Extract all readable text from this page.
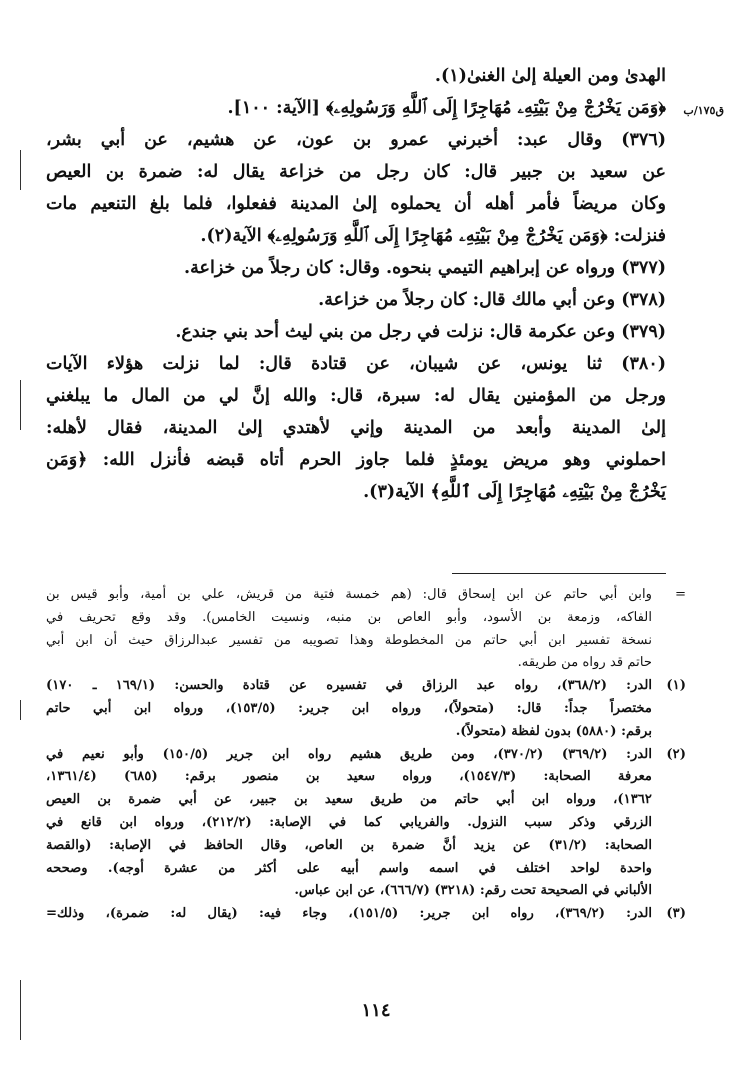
ق١٧٥/ب
الهدىٰ ومن العيلة إلىٰ الغنىٰ(١).
﴿وَمَن يَخْرُجْ مِنْ بَيْتِهِۦ مُهَاجِرًا إِلَى ٱللَّهِ وَرَسُولِهِۦ﴾ [الآية: ١٠٠].
(٣٧٦) وقال عبد: أخبرني عمرو بن عون، عن هشيم، عن أبي بشر،
عن سعيد بن جبير قال: كان رجل من خزاعة يقال له: ضمرة بن العيص
وكان مريضاً فأمر أهله أن يحملوه إلىٰ المدينة ففعلوا، فلما بلغ التنعيم مات
فنزلت: ﴿وَمَن يَخْرُجْ مِنْ بَيْتِهِۦ مُهَاجِرًا إِلَى ٱللَّهِ وَرَسُولِهِۦ﴾ الآية(٢).
(٣٧٧) ورواه عن إبراهيم التيمي بنحوه. وقال: كان رجلاً من خزاعة.
(٣٧٨) وعن أبي مالك قال: كان رجلاً من خزاعة.
(٣٧٩) وعن عكرمة قال: نزلت في رجل من بني ليث أحد بني جندع.
(٣٨٠) ثنا يونس، عن شيبان، عن قتادة قال: لما نزلت هؤلاء الآيات
ورجل من المؤمنين يقال له: سبرة، قال: والله إنَّ لي من المال ما يبلغني
إلىٰ المدينة وأبعد من المدينة وإني لأهتدي إلىٰ المدينة، فقال لأهله:
احملوني وهو مريض يومئذٍ فلما جاوز الحرم أتاه قبضه فأنزل الله: ﴿وَمَن
يَخْرُجْ مِنْ بَيْتِهِۦ مُهَاجِرًا إِلَى ٱللَّهِ﴾ الآية(٣).
=وابن أبي حاتم عن ابن إسحاق قال: (هم خمسة فتية من قريش، علي بن أمية، وأبو قيس بن
الفاكه، وزمعة بن الأسود، وأبو العاص بن منبه، ونسيت الخامس). وقد وقع تحريف في
نسخة تفسير ابن أبي حاتم من المخطوطة وهذا تصويبه من تفسير عبدالرزاق حيث أن ابن أبي
حاتم قد رواه من طريقه.
(١)الدر: (٣٦٨/٢)، رواه عبد الرزاق في تفسيره عن قتادة والحسن: (١٦٩/١ ـ ١٧٠)
مختصراً جداً: قال: (متحولاً)، ورواه ابن جرير: (١٥٣/٥)، ورواه ابن أبي حاتم
برقم: (٥٨٨٠) بدون لفظة (متحولاً).
(٢)الدر: (٣٦٩/٢) (٣٧٠/٢)، ومن طريق هشيم رواه ابن جرير (١٥٠/٥) وأبو نعيم في
معرفة الصحابة: (١٥٤٧/٣)، ورواه سعيد بن منصور برقم: (٦٨٥) (١٣٦١/٤،
١٣٦٢)، ورواه ابن أبي حاتم من طريق سعيد بن جبير، عن أبي ضمرة بن العيص
الزرقي وذكر سبب النزول. والفريابي كما في الإصابة: (٢١٢/٢)، ورواه ابن قانع في
الصحابة: (٣١/٢) عن يزيد أنَّ ضمرة بن العاص، وقال الحافظ في الإصابة: (والقصة
واحدة لواحد اختلف في اسمه واسم أبيه على أكثر من عشرة أوجه). وصححه
الألباني في الصحيحة تحت رقم: (٣٢١٨) (٦٦٦/٧)، عن ابن عباس.
(٣)الدر: (٣٦٩/٢)، رواه ابن جرير: (١٥١/٥)، وجاء فيه: (يقال له: ضمرة)، وذلك=
١١٤
